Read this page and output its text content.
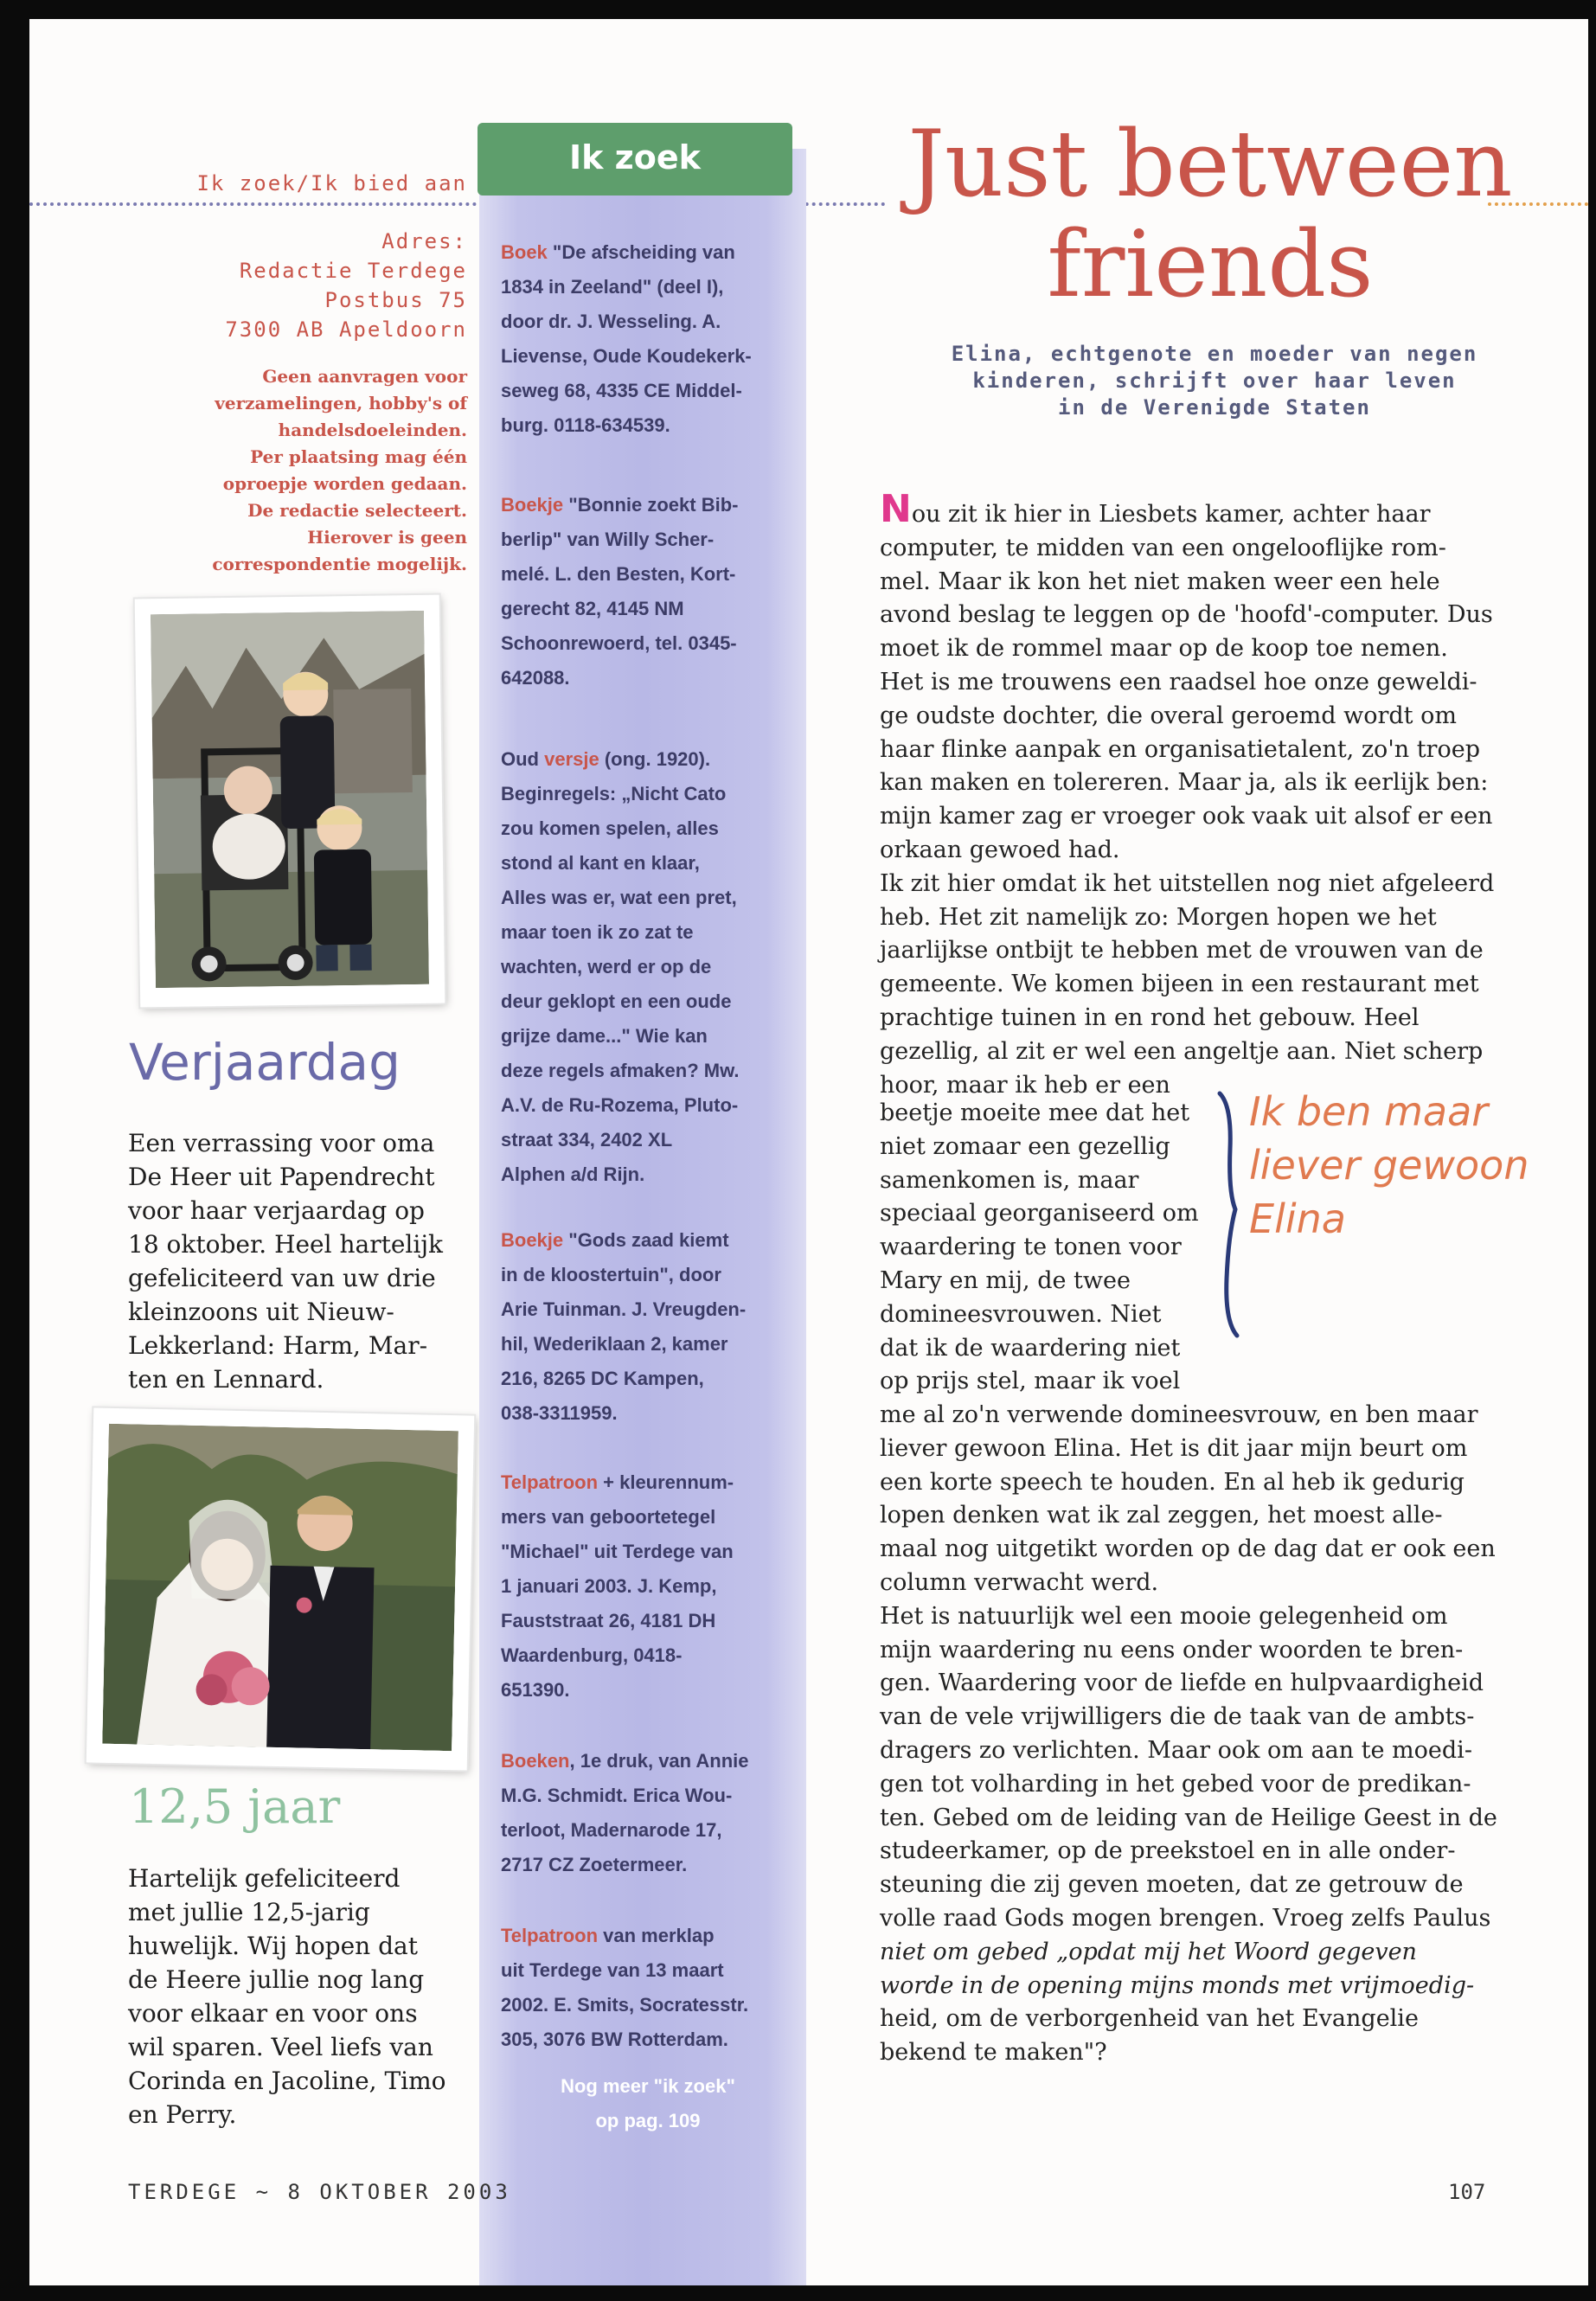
Ik zoek/Ik bied aan
Adres:
Redactie Terdege
Postbus 75
7300 AB Apeldoorn
Geen aanvragen voor
verzamelingen, hobby's of
handelsdoeleinden.
Per plaatsing mag één
oproepje worden gedaan.
De redactie selecteert.
Hierover is geen
correspondentie mogelijk.
Verjaardag
Een verrassing voor oma
De Heer uit Papendrecht
voor haar verjaardag op
18 oktober. Heel hartelijk
gefeliciteerd van uw drie
kleinzoons uit Nieuw-
Lekkerland: Harm, Mar-
ten en Lennard.
12,5 jaar
Hartelijk gefeliciteerd
met jullie 12,5-jarig
huwelijk. Wij hopen dat
de Heere jullie nog lang
voor elkaar en voor ons
wil sparen. Veel liefs van
Corinda en Jacoline, Timo
en Perry.
Ik zoek
Boek "De afscheiding van
1834 in Zeeland" (deel I),
door dr. J. Wesseling. A.
Lievense, Oude Koudekerk-
seweg 68, 4335 CE Middel-
burg. 0118-634539.
Boekje "Bonnie zoekt Bib-
berlip" van Willy Scher-
melé. L. den Besten, Kort-
gerecht 82, 4145 NM
Schoonrewoerd, tel. 0345-
642088.
Oud versje (ong. 1920).
Beginregels: „Nicht Cato
zou komen spelen, alles
stond al kant en klaar,
Alles was er, wat een pret,
maar toen ik zo zat te
wachten, werd er op de
deur geklopt en een oude
grijze dame..." Wie kan
deze regels afmaken? Mw.
A.V. de Ru-Rozema, Pluto-
straat 334, 2402 XL
Alphen a/d Rijn.
Boekje "Gods zaad kiemt
in de kloostertuin", door
Arie Tuinman. J. Vreugden-
hil, Wederiklaan 2, kamer
216, 8265 DC Kampen,
038-3311959.
Telpatroon + kleurennum-
mers van geboortetegel
"Michael" uit Terdege van
1 januari 2003. J. Kemp,
Fauststraat 26, 4181 DH
Waardenburg, 0418-
651390.
Boeken, 1e druk, van Annie
M.G. Schmidt. Erica Wou-
terloot, Madernarode 17,
2717 CZ Zoetermeer.
Telpatroon van merklap
uit Terdege van 13 maart
2002. E. Smits, Socratesstr.
305, 3076 BW Rotterdam.
Nog meer "ik zoek"
op pag. 109
Just between
friends
Elina, echtgenote en moeder van negen
kinderen, schrijft over haar leven
in de Verenigde Staten
Nou zit ik hier in Liesbets kamer, achter haar
computer, te midden van een ongelooflijke rom-
mel. Maar ik kon het niet maken weer een hele
avond beslag te leggen op de 'hoofd'-computer. Dus
moet ik de rommel maar op de koop toe nemen.
Het is me trouwens een raadsel hoe onze geweldi-
ge oudste dochter, die overal geroemd wordt om
haar flinke aanpak en organisatietalent, zo'n troep
kan maken en tolereren. Maar ja, als ik eerlijk ben:
mijn kamer zag er vroeger ook vaak uit alsof er een
orkaan gewoed had.
Ik zit hier omdat ik het uitstellen nog niet afgeleerd
heb. Het zit namelijk zo: Morgen hopen we het
jaarlijkse ontbijt te hebben met de vrouwen van de
gemeente. We komen bijeen in een restaurant met
prachtige tuinen in en rond het gebouw. Heel
gezellig, al zit er wel een angeltje aan. Niet scherp
hoor, maar ik heb er een
beetje moeite mee dat het
niet zomaar een gezellig
samenkomen is, maar
speciaal georganiseerd om
waardering te tonen voor
Mary en mij, de twee
domineesvrouwen. Niet
dat ik de waardering niet
op prijs stel, maar ik voel
Ik ben maar
liever gewoon
Elina
me al zo'n verwende domineesvrouw, en ben maar
liever gewoon Elina. Het is dit jaar mijn beurt om
een korte speech te houden. En al heb ik gedurig
lopen denken wat ik zal zeggen, het moest alle-
maal nog uitgetikt worden op de dag dat er ook een
column verwacht werd.
Het is natuurlijk wel een mooie gelegenheid om
mijn waardering nu eens onder woorden te bren-
gen. Waardering voor de liefde en hulpvaardigheid
van de vele vrijwilligers die de taak van de ambts-
dragers zo verlichten. Maar ook om aan te moedi-
gen tot volharding in het gebed voor de predikan-
ten. Gebed om de leiding van de Heilige Geest in de
studeerkamer, op de preekstoel en in alle onder-
steuning die zij geven moeten, dat ze getrouw de
volle raad Gods mogen brengen. Vroeg zelfs Paulus
niet om gebed „opdat mij het Woord gegeven
worde in de opening mijns monds met vrijmoedig-
heid, om de verborgenheid van het Evangelie
bekend te maken"?
TERDEGE ~ 8 OKTOBER 2003	107
